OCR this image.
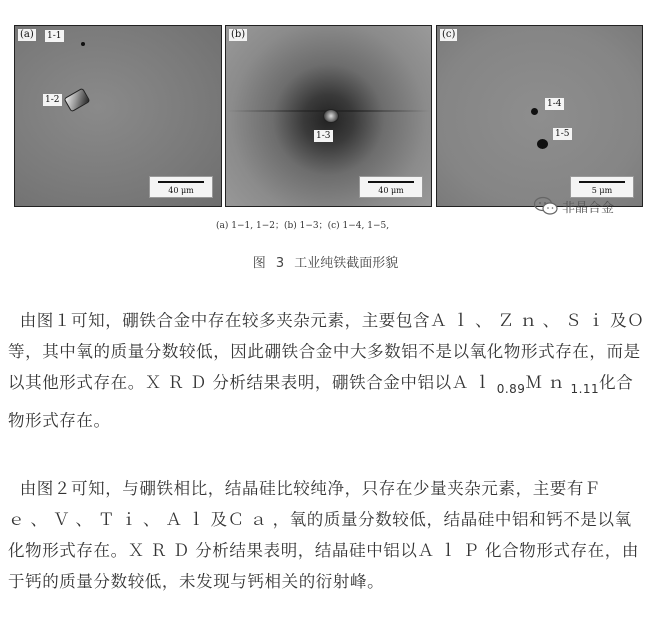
(a) 1-1
1-2
40 μm
(b)
1-3
40 μm
(c)
1-4
1-5
5 μm
(a) 1−1, 1−2；(b) 1−3；(c) 1−4, 1−5,
非晶合金
图 3 工业纯铁截面形貌

由图１可知，硼铁合金中存在较多夹杂元素，主要包含Ａｌ、Ｚｎ、Ｓｉ及Ｏ等，其中氧的质量分数较低，因此硼铁合金中大多数铝不是以氧化物形式存在，而是以其他形式存在。ＸＲＤ分析结果表明，硼铁合金中铝以Ａｌ$_{0.89}$Ｍｎ$_{1.11}$化合物形式存在。

由图２可知，与硼铁相比，结晶硅比较纯净，只存在少量夹杂元素，主要有Ｆｅ、Ｖ、Ｔｉ、Ａｌ及Ｃａ，氧的质量分数较低，结晶硅中铝和钙不是以氧化物形式存在。ＸＲＤ分析结果表明，结晶硅中铝以ＡｌＰ化合物形式存在，由于钙的质量分数较低，未发现与钙相关的衍射峰。
